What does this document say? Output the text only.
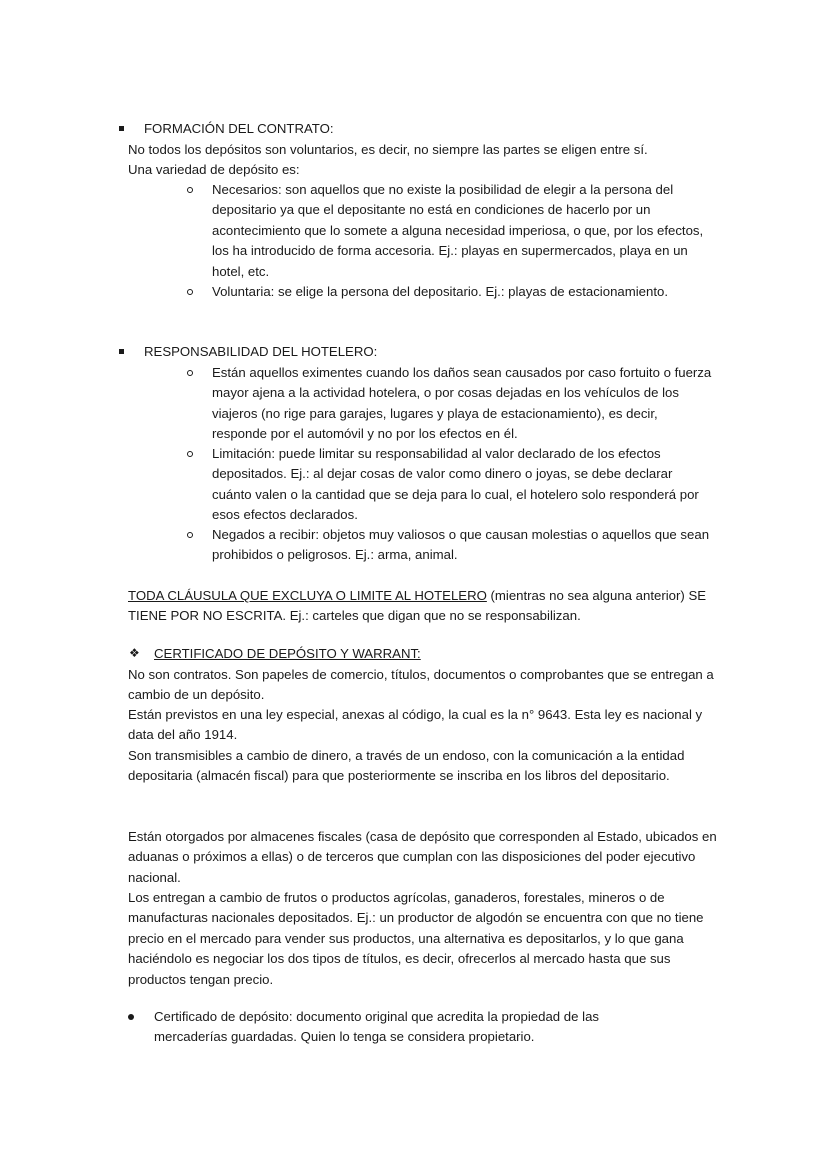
FORMACIÓN DEL CONTRATO:
No todos los depósitos son voluntarios, es decir, no siempre las partes se eligen entre sí.
Una variedad de depósito es:
Necesarios: son aquellos que no existe la posibilidad de elegir a la persona del depositario ya que el depositante no está en condiciones de hacerlo por un acontecimiento que lo somete a alguna necesidad imperiosa, o que, por los efectos, los ha introducido de forma accesoria. Ej.: playas en supermercados, playa en un hotel, etc.
Voluntaria: se elige la persona del depositario. Ej.: playas de estacionamiento.
RESPONSABILIDAD DEL HOTELERO:
Están aquellos eximentes cuando los daños sean causados por caso fortuito o fuerza mayor ajena a la actividad hotelera, o por cosas dejadas en los vehículos de los viajeros (no rige para garajes, lugares y playa de estacionamiento), es decir, responde por el automóvil y no por los efectos en él.
Limitación: puede limitar su responsabilidad al valor declarado de los efectos depositados. Ej.: al dejar cosas de valor como dinero o joyas, se debe declarar cuánto valen o la cantidad que se deja para lo cual, el hotelero solo responderá por esos efectos declarados.
Negados a recibir: objetos muy valiosos o que causan molestias o aquellos que sean prohibidos o peligrosos. Ej.: arma, animal.
TODA CLÁUSULA QUE EXCLUYA O LIMITE AL HOTELERO (mientras no sea alguna anterior) SE TIENE POR NO ESCRITA. Ej.: carteles que digan que no se responsabilizan.
❖ CERTIFICADO DE DEPÓSITO Y WARRANT:
No son contratos. Son papeles de comercio, títulos, documentos o comprobantes que se entregan a cambio de un depósito.
Están previstos en una ley especial, anexas al código, la cual es la n° 9643. Esta ley es nacional y data del año 1914.
Son transmisibles a cambio de dinero, a través de un endoso, con la comunicación a la entidad depositaria (almacén fiscal) para que posteriormente se inscriba en los libros del depositario.
Están otorgados por almacenes fiscales (casa de depósito que corresponden al Estado, ubicados en aduanas o próximos a ellas) o de terceros que cumplan con las disposiciones del poder ejecutivo nacional.
Los entregan a cambio de frutos o productos agrícolas, ganaderos, forestales, mineros o de manufacturas nacionales depositados. Ej.: un productor de algodón se encuentra con que no tiene precio en el mercado para vender sus productos, una alternativa es depositarlos, y lo que gana haciéndolo es negociar los dos tipos de títulos, es decir, ofrecerlos al mercado hasta que sus productos tengan precio.
Certificado de depósito: documento original que acredita la propiedad de las mercaderías guardadas. Quien lo tenga se considera propietario.
